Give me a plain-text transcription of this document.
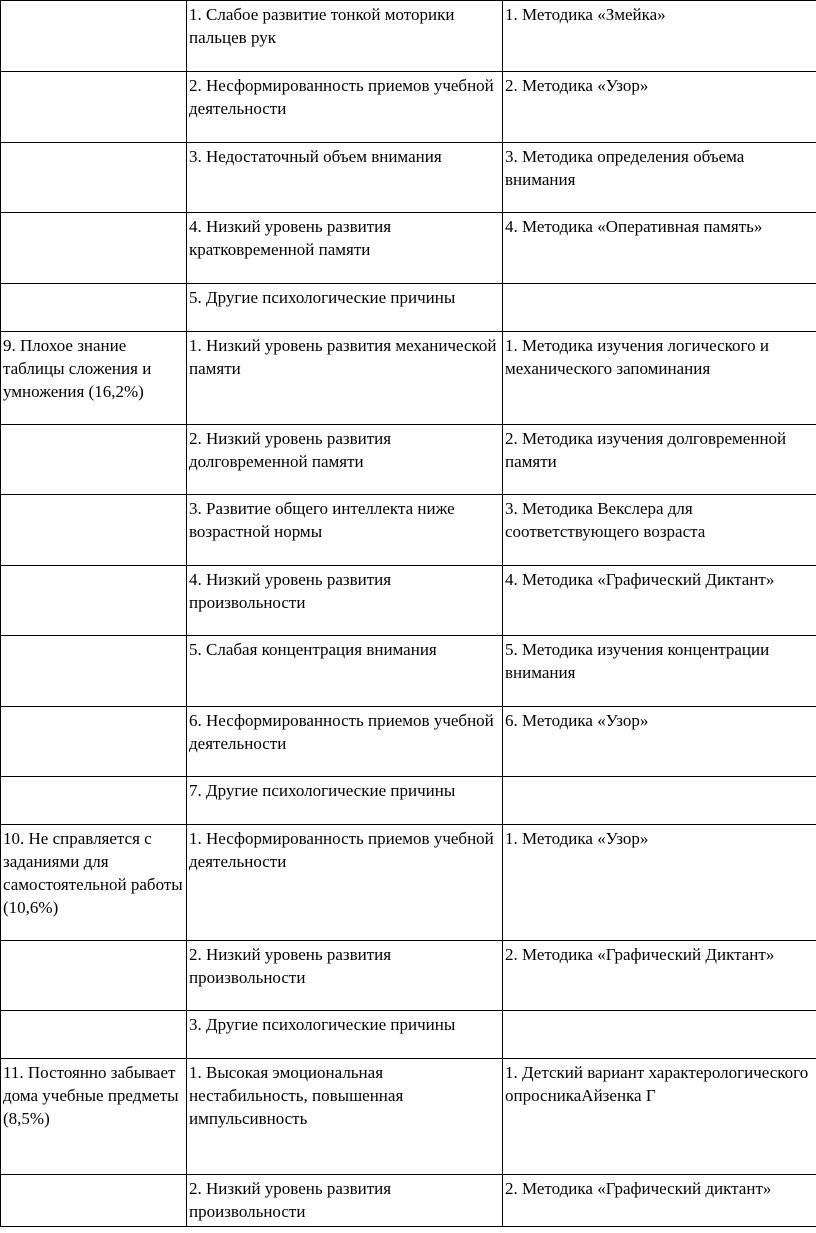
	1. Слабое развитие тонкой моторики пальцев рук	1. Методика «Змейка»
	2. Несформированность приемов учебной деятельности	2. Методика «Узор»
	3. Недостаточный объем внимания	3. Методика определения объема внимания
	4. Низкий уровень развития кратковременной памяти	4. Методика «Оперативная память»
	5. Другие психологические причины	
9. Плохое знание таблицы сложения и умножения (16,2%)	1. Низкий уровень развития механической памяти	1. Методика изучения логического и механического запоминания
	2. Низкий уровень развития долговременной памяти	2. Методика изучения долговременной памяти
	3. Развитие общего интеллекта ниже возрастной нормы	3. Методика Векслера для соответствующего возраста
	4. Низкий уровень развития произвольности	4. Методика «Графический Диктант»
	5. Слабая концентрация внимания	5. Методика изучения концентрации внимания
	6. Несформированность приемов учебной деятельности	6. Методика «Узор»
	7. Другие психологические причины	
10. Не справляется с заданиями для самостоятельной работы (10,6%)	1. Несформированность приемов учебной деятельности	1. Методика «Узор»
	2. Низкий уровень развития произвольности	2. Методика «Графический Диктант»
	3. Другие психологические причины	
11. Постоянно забывает дома учебные предметы (8,5%)	1. Высокая эмоциональная нестабильность, повышенная импульсивность	1. Детский вариант характерологического опросникаАйзенка Г
	2. Низкий уровень развития произвольности	2. Методика «Графический диктант»
